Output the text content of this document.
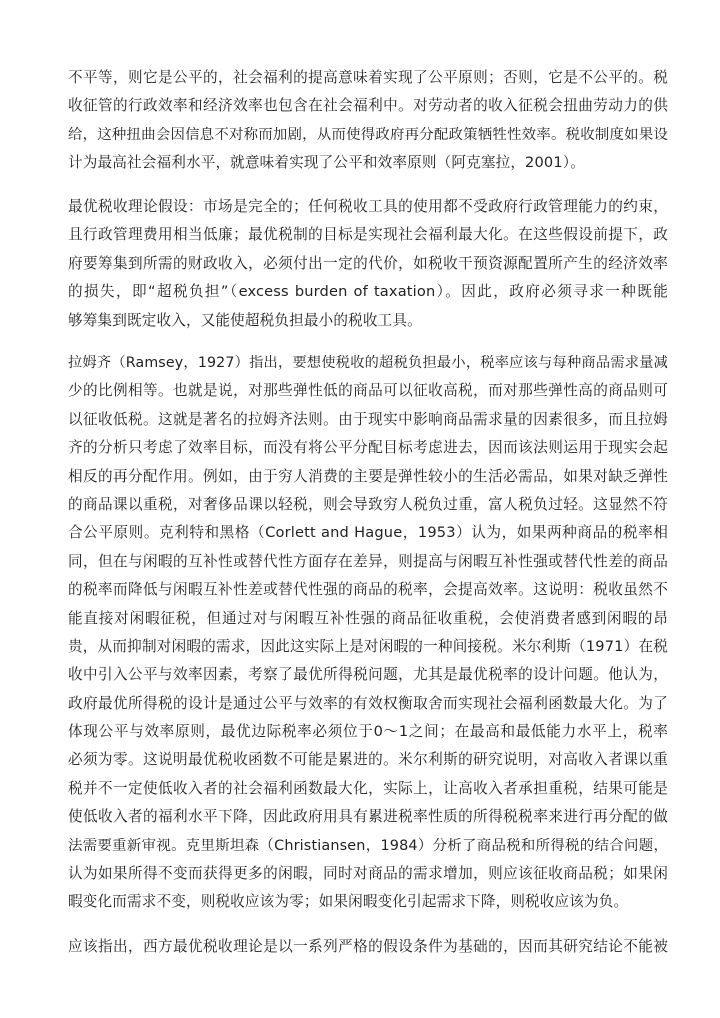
不平等，则它是公平的，社会福利的提高意味着实现了公平原则；否则，它是不公平的。税
收征管的行政效率和经济效率也包含在社会福利中。对劳动者的收入征税会扭曲劳动力的供
给，这种扭曲会因信息不对称而加剧，从而使得政府再分配政策牺牲性效率。税收制度如果设
计为最高社会福利水平，就意味着实现了公平和效率原则（阿克塞拉，2001）。
最优税收理论假设：市场是完全的；任何税收工具的使用都不受政府行政管理能力的约束，
且行政管理费用相当低廉；最优税制的目标是实现社会福利最大化。在这些假设前提下，政
府要筹集到所需的财政收入，必须付出一定的代价，如税收干预资源配置所产生的经济效率
的损失，即“超税负担”（excess burden of taxation）。因此，政府必须寻求一种既能
够筹集到既定收入，又能使超税负担最小的税收工具。
拉姆齐（Ramsey，1927）指出，要想使税收的超税负担最小，税率应该与每种商品需求量减
少的比例相等。也就是说，对那些弹性低的商品可以征收高税，而对那些弹性高的商品则可
以征收低税。这就是著名的拉姆齐法则。由于现实中影响商品需求量的因素很多，而且拉姆
齐的分析只考虑了效率目标，而没有将公平分配目标考虑进去，因而该法则运用于现实会起
相反的再分配作用。例如，由于穷人消费的主要是弹性较小的生活必需品，如果对缺乏弹性
的商品课以重税，对奢侈品课以轻税，则会导致穷人税负过重，富人税负过轻。这显然不符
合公平原则。克利特和黑格（Corlett and Hague，1953）认为，如果两种商品的税率相
同，但在与闲暇的互补性或替代性方面存在差异，则提高与闲暇互补性强或替代性差的商品
的税率而降低与闲暇互补性差或替代性强的商品的税率，会提高效率。这说明：税收虽然不
能直接对闲暇征税，但通过对与闲暇互补性强的商品征收重税，会使消费者感到闲暇的昂
贵，从而抑制对闲暇的需求，因此这实际上是对闲暇的一种间接税。米尔利斯（1971）在税
收中引入公平与效率因素，考察了最优所得税问题，尤其是最优税率的设计问题。他认为，
政府最优所得税的设计是通过公平与效率的有效权衡取舍而实现社会福利函数最大化。为了
体现公平与效率原则，最优边际税率必须位于0～1之间；在最高和最低能力水平上，税率
必须为零。这说明最优税收函数不可能是累进的。米尔利斯的研究说明，对高收入者课以重
税并不一定使低收入者的社会福利函数最大化，实际上，让高收入者承担重税，结果可能是
使低收入者的福利水平下降，因此政府用具有累进税率性质的所得税税率来进行再分配的做
法需要重新审视。克里斯坦森（Christiansen，1984）分析了商品税和所得税的结合问题，
认为如果所得不变而获得更多的闲暇，同时对商品的需求增加，则应该征收商品税；如果闲
暇变化而需求不变，则税收应该为零；如果闲暇变化引起需求下降，则税收应该为负。
应该指出，西方最优税收理论是以一系列严格的假设条件为基础的，因而其研究结论不能被
